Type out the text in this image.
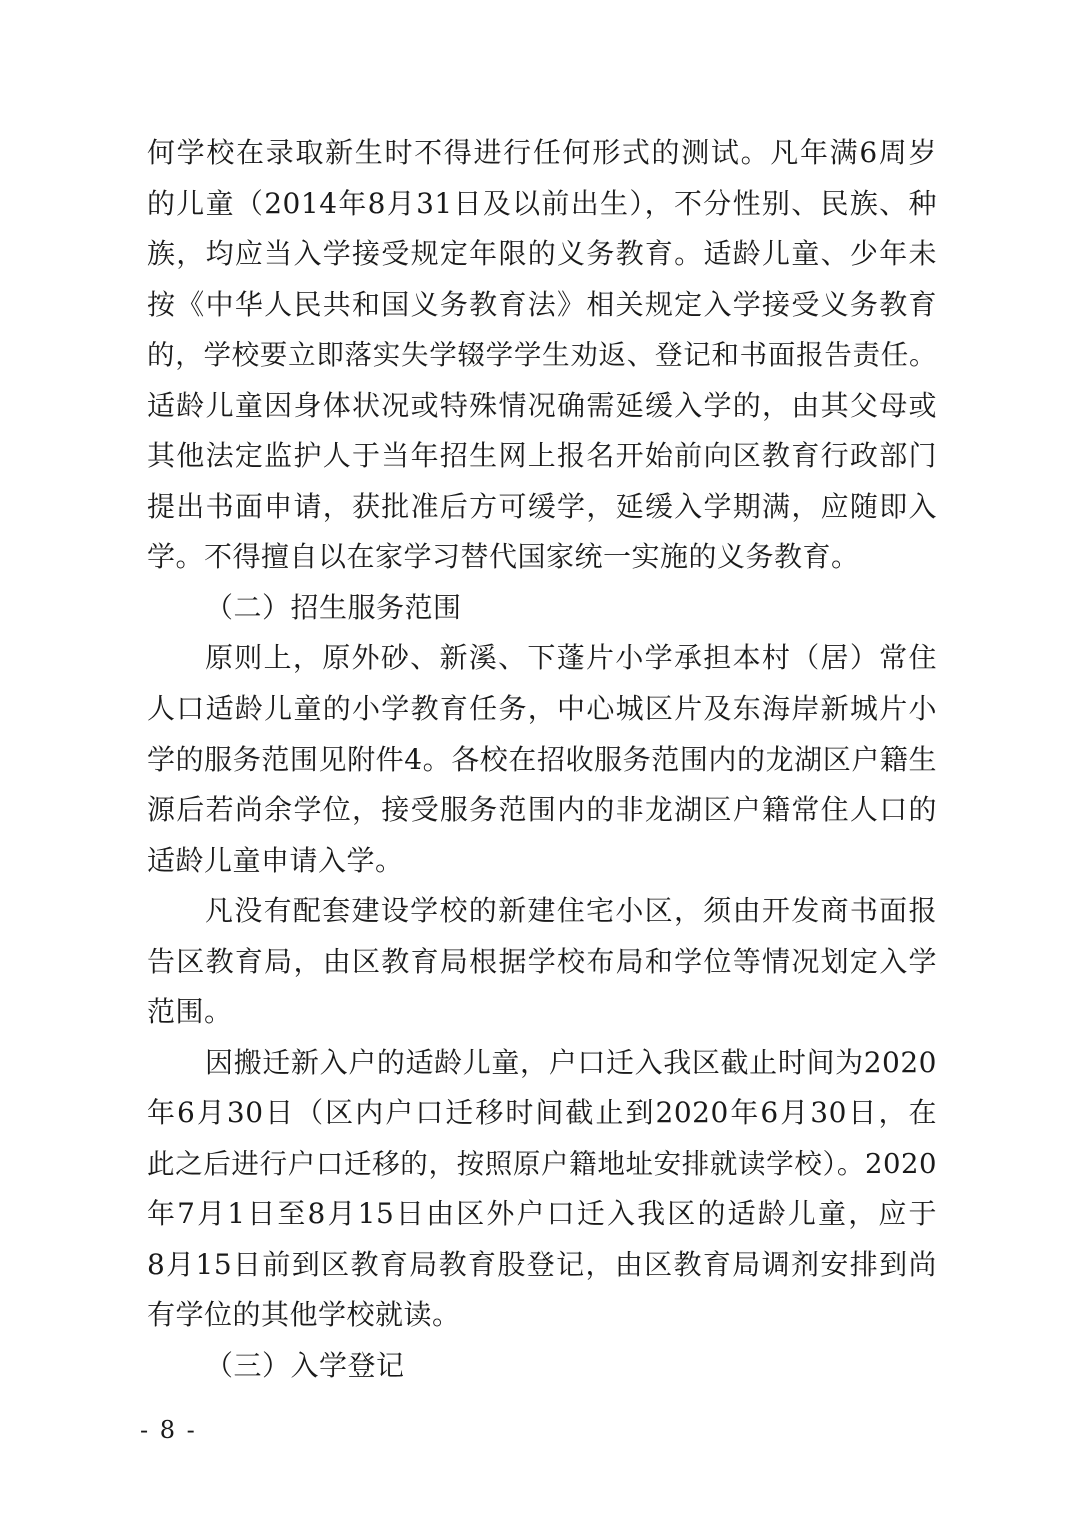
何学校在录取新生时不得进行任何形式的测试。凡年满6周岁
的儿童（2014年8月31日及以前出生），不分性别、民族、种
族，均应当入学接受规定年限的义务教育。适龄儿童、少年未
按《中华人民共和国义务教育法》相关规定入学接受义务教育
的，学校要立即落实失学辍学学生劝返、登记和书面报告责任。
适龄儿童因身体状况或特殊情况确需延缓入学的，由其父母或
其他法定监护人于当年招生网上报名开始前向区教育行政部门
提出书面申请，获批准后方可缓学，延缓入学期满，应随即入
学。不得擅自以在家学习替代国家统一实施的义务教育。
（二）招生服务范围
原则上，原外砂、新溪、下蓬片小学承担本村（居）常住
人口适龄儿童的小学教育任务，中心城区片及东海岸新城片小
学的服务范围见附件4。各校在招收服务范围内的龙湖区户籍生
源后若尚余学位，接受服务范围内的非龙湖区户籍常住人口的
适龄儿童申请入学。
凡没有配套建设学校的新建住宅小区，须由开发商书面报
告区教育局，由区教育局根据学校布局和学位等情况划定入学
范围。
因搬迁新入户的适龄儿童，户口迁入我区截止时间为2020
年6月30日（区内户口迁移时间截止到2020年6月30日，在
此之后进行户口迁移的，按照原户籍地址安排就读学校）。2020
年7月1日至8月15日由区外户口迁入我区的适龄儿童，应于
8月15日前到区教育局教育股登记，由区教育局调剂安排到尚
有学位的其他学校就读。
（三）入学登记
- 8 -
